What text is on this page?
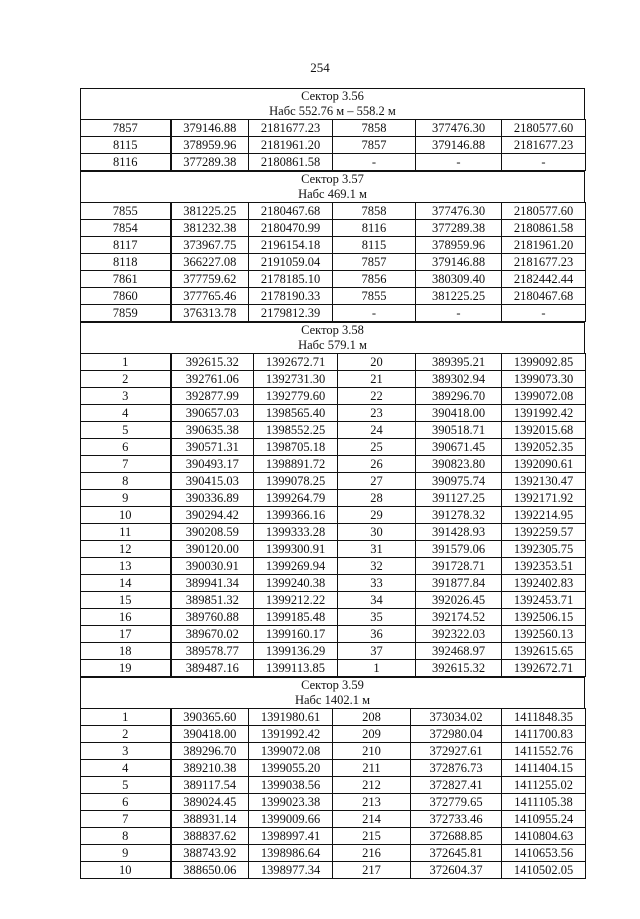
254
Сектор 3.56
Набс 552.76 м – 558.2 м
7857	379146.88	2181677.23	7858	377476.30	2180577.60
8115	378959.96	2181961.20	7857	379146.88	2181677.23
8116	377289.38	2180861.58	-	-	-
Сектор 3.57
Набс 469.1 м
7855	381225.25	2180467.68	7858	377476.30	2180577.60
7854	381232.38	2180470.99	8116	377289.38	2180861.58
8117	373967.75	2196154.18	8115	378959.96	2181961.20
8118	366227.08	2191059.04	7857	379146.88	2181677.23
7861	377759.62	2178185.10	7856	380309.40	2182442.44
7860	377765.46	2178190.33	7855	381225.25	2180467.68
7859	376313.78	2179812.39	-	-	-
Сектор 3.58
Набс 579.1 м
1	392615.32	1392672.71	20	389395.21	1399092.85
2	392761.06	1392731.30	21	389302.94	1399073.30
3	392877.99	1392779.60	22	389296.70	1399072.08
4	390657.03	1398565.40	23	390418.00	1391992.42
5	390635.38	1398552.25	24	390518.71	1392015.68
6	390571.31	1398705.18	25	390671.45	1392052.35
7	390493.17	1398891.72	26	390823.80	1392090.61
8	390415.03	1399078.25	27	390975.74	1392130.47
9	390336.89	1399264.79	28	391127.25	1392171.92
10	390294.42	1399366.16	29	391278.32	1392214.95
11	390208.59	1399333.28	30	391428.93	1392259.57
12	390120.00	1399300.91	31	391579.06	1392305.75
13	390030.91	1399269.94	32	391728.71	1392353.51
14	389941.34	1399240.38	33	391877.84	1392402.83
15	389851.32	1399212.22	34	392026.45	1392453.71
16	389760.88	1399185.48	35	392174.52	1392506.15
17	389670.02	1399160.17	36	392322.03	1392560.13
18	389578.77	1399136.29	37	392468.97	1392615.65
19	389487.16	1399113.85	1	392615.32	1392672.71
Сектор 3.59
Набс 1402.1 м
1	390365.60	1391980.61	208	373034.02	1411848.35
2	390418.00	1391992.42	209	372980.04	1411700.83
3	389296.70	1399072.08	210	372927.61	1411552.76
4	389210.38	1399055.20	211	372876.73	1411404.15
5	389117.54	1399038.56	212	372827.41	1411255.02
6	389024.45	1399023.38	213	372779.65	1411105.38
7	388931.14	1399009.66	214	372733.46	1410955.24
8	388837.62	1398997.41	215	372688.85	1410804.63
9	388743.92	1398986.64	216	372645.81	1410653.56
10	388650.06	1398977.34	217	372604.37	1410502.05
